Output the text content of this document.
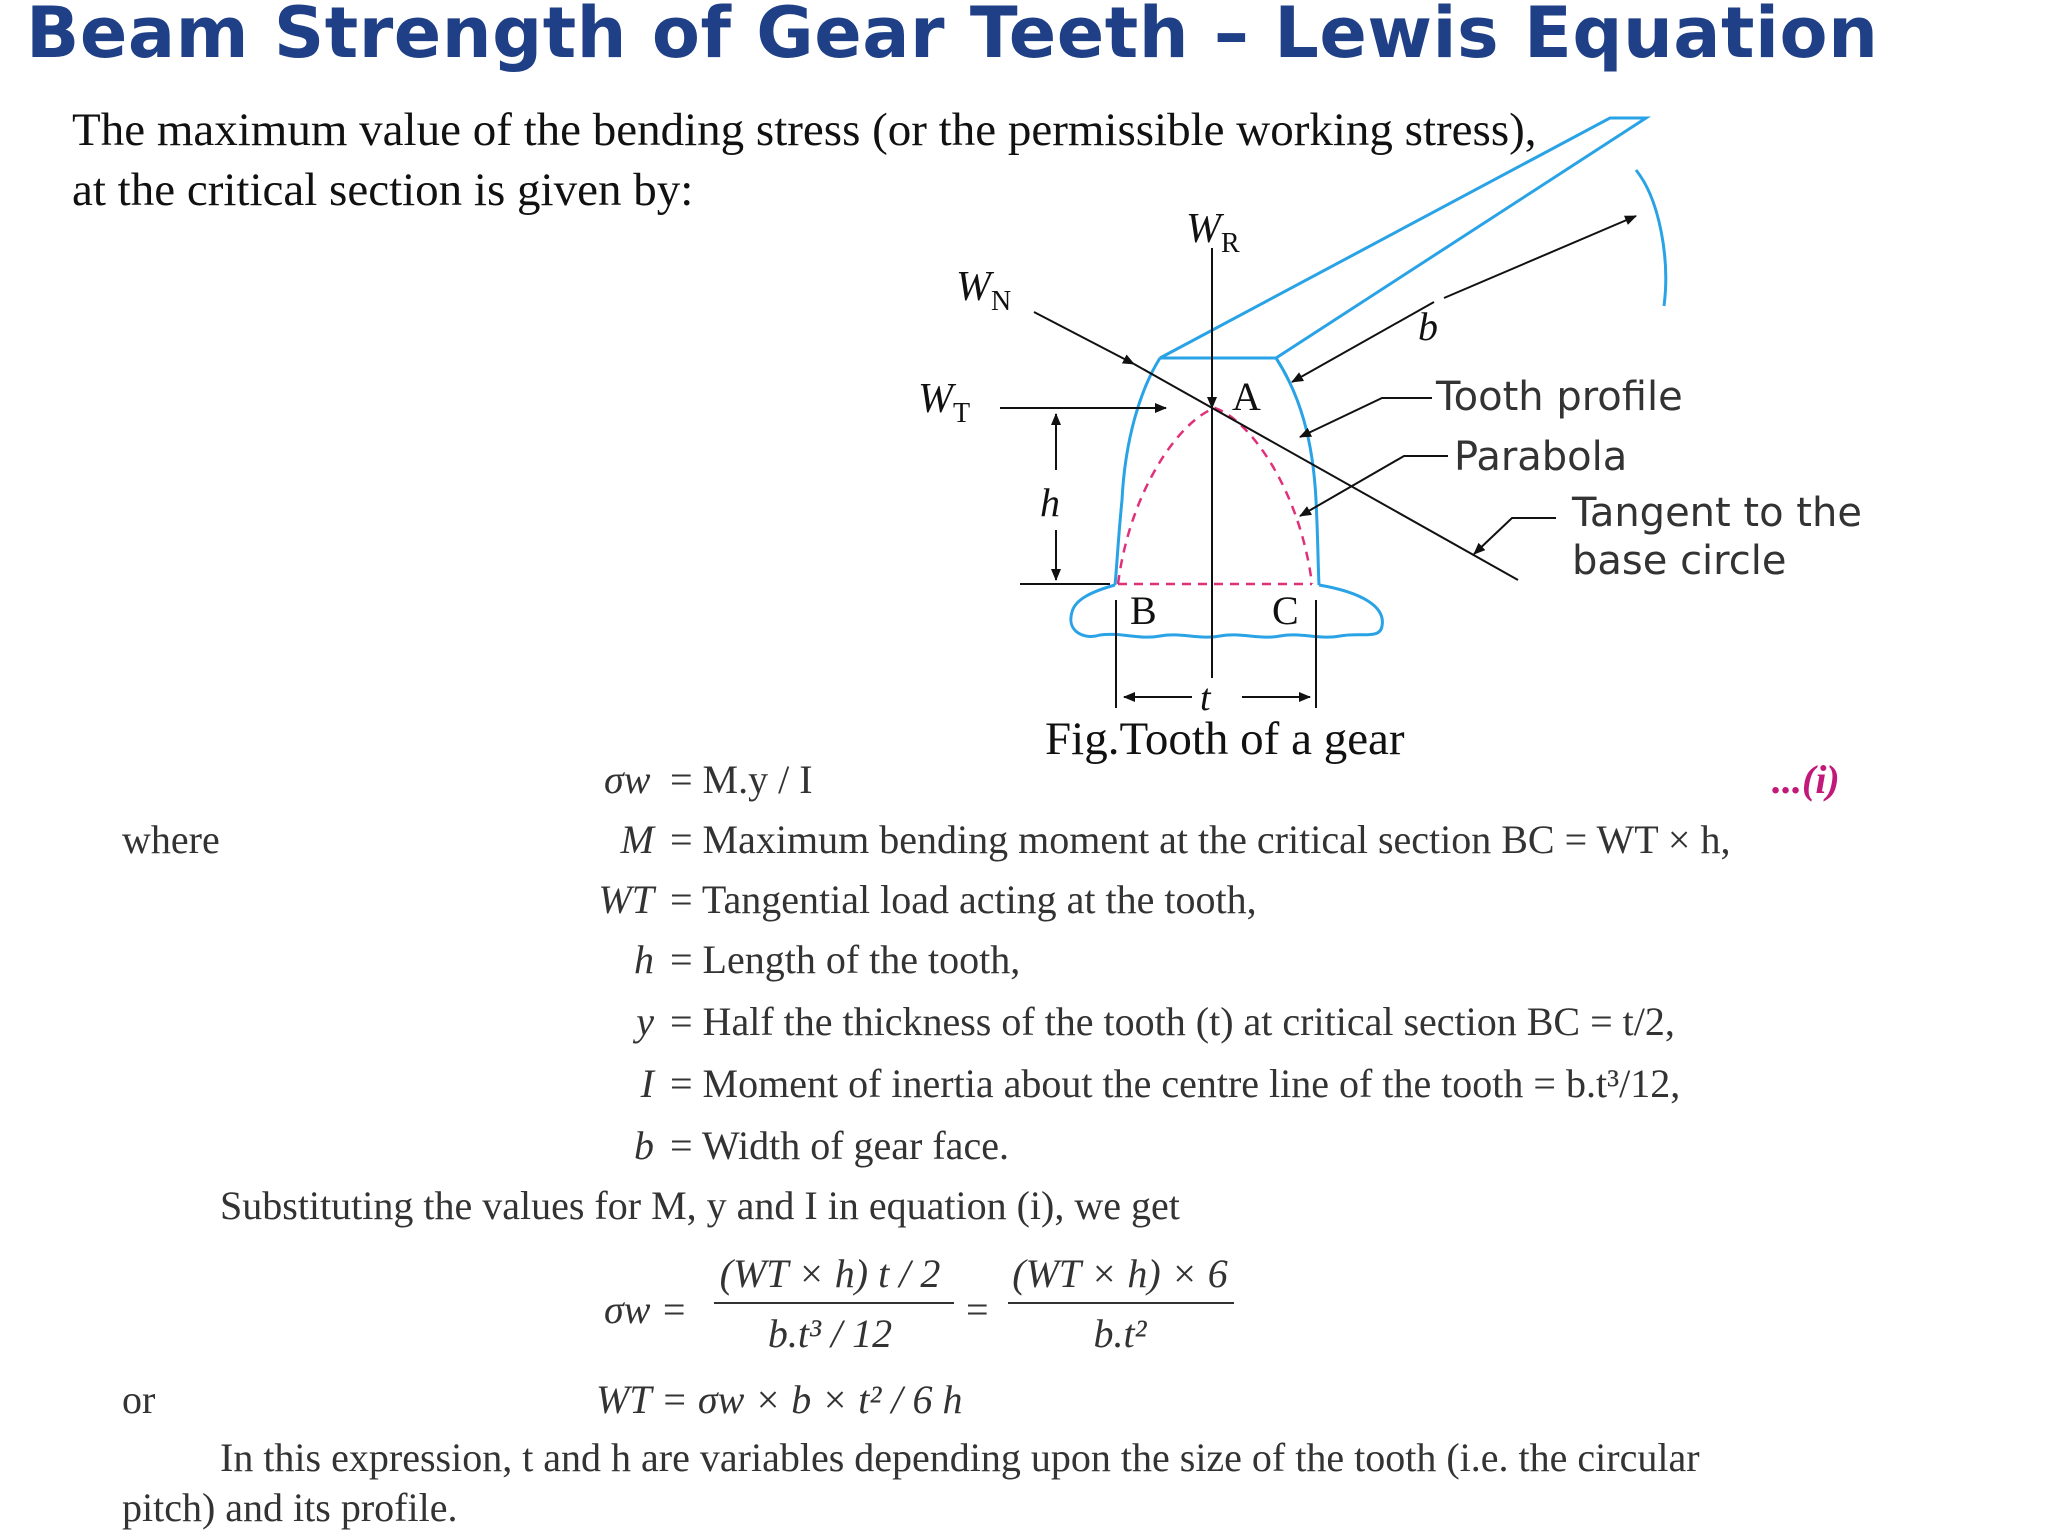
Beam Strength of Gear Teeth – Lewis Equation
The maximum value of the bending stress (or the permissible working stress),
at the critical section is given by:
$W_R$
$W_N$
$W_T$
h
b
t
A
B	C
Tooth profile
Parabola
Tangent to the
base circle
Fig.Tooth of a gear
σw = M.y / I	...(i)
where	M = Maximum bending moment at the critical section BC = WT × h,
WT = Tangential load acting at the tooth,
h = Length of the tooth,
y = Half the thickness of the tooth (t) at critical section BC = t/2,
I = Moment of inertia about the centre line of the tooth = b.t³/12,
b = Width of gear face.
Substituting the values for M, y and I in equation (i), we get
σw =
(WT × h) t / 2
b.t³ / 12
=
(WT × h) × 6
b.t²
or	WT = σw × b × t² / 6 h
In this expression, t and h are variables depending upon the size of the tooth (i.e. the circular
pitch) and its profile.
